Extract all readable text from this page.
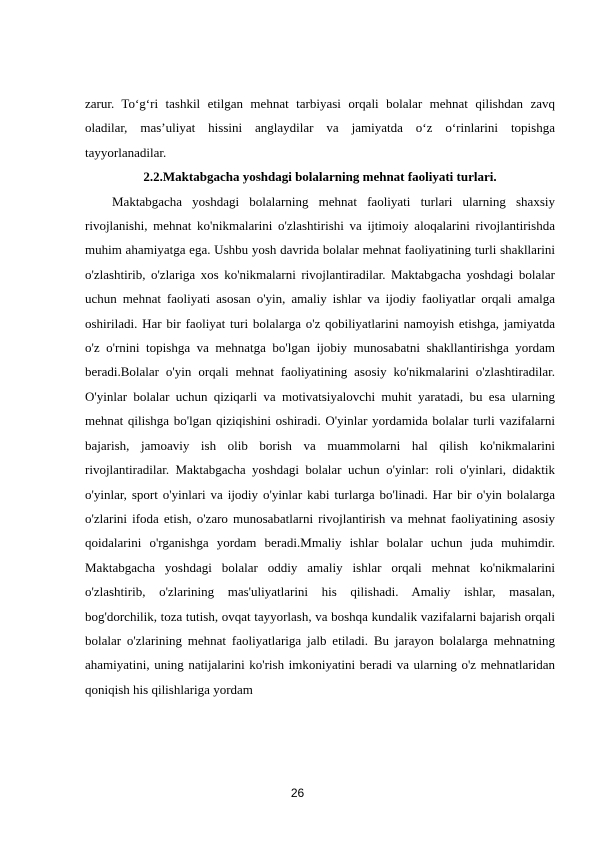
zarur. To‘g‘ri tashkil etilgan mehnat tarbiyasi orqali bolalar mehnat qilishdan zavq oladilar, mas’uliyat hissini anglaydilar va jamiyatda o‘z o‘rinlarini topishga tayyorlanadilar.

2.2.Maktabgacha yoshdagi bolalarning mehnat faoliyati turlari.

Maktabgacha yoshdagi bolalarning mehnat faoliyati turlari ularning shaxsiy rivojlanishi, mehnat ko'nikmalarini o'zlashtirishi va ijtimoiy aloqalarini rivojlantirishda muhim ahamiyatga ega. Ushbu yosh davrida bolalar mehnat faoliyatining turli shakllarini o'zlashtirib, o'zlariga xos ko'nikmalarni rivojlantiradilar. Maktabgacha yoshdagi bolalar uchun mehnat faoliyati asosan o'yin, amaliy ishlar va ijodiy faoliyatlar orqali amalga oshiriladi. Har bir faoliyat turi bolalarga o'z qobiliyatlarini namoyish etishga, jamiyatda o'z o'rnini topishga va mehnatga bo'lgan ijobiy munosabatni shakllantirishga yordam beradi.Bolalar o'yin orqali mehnat faoliyatining asosiy ko'nikmalarini o'zlashtiradilar. O'yinlar bolalar uchun qiziqarli va motivatsiyalovchi muhit yaratadi, bu esa ularning mehnat qilishga bo'lgan qiziqishini oshiradi. O'yinlar yordamida bolalar turli vazifalarni bajarish, jamoaviy ish olib borish va muammolarni hal qilish ko'nikmalarini rivojlantiradilar. Maktabgacha yoshdagi bolalar uchun o'yinlar: roli o'yinlari, didaktik o'yinlar, sport o'yinlari va ijodiy o'yinlar kabi turlarga bo'linadi. Har bir o'yin bolalarga o'zlarini ifoda etish, o'zaro munosabatlarni rivojlantirish va mehnat faoliyatining asosiy qoidalarini o'rganishga yordam beradi.Mmaliy ishlar bolalar uchun juda muhimdir. Maktabgacha yoshdagi bolalar oddiy amaliy ishlar orqali mehnat ko'nikmalarini o'zlashtirib, o'zlarining mas'uliyatlarini his qilishadi. Amaliy ishlar, masalan, bog'dorchilik, toza tutish, ovqat tayyorlash, va boshqa kundalik vazifalarni bajarish orqali bolalar o'zlarining mehnat faoliyatlariga jalb etiladi. Bu jarayon bolalarga mehnatning ahamiyatini, uning natijalarini ko'rish imkoniyatini beradi va ularning o'z mehnatlaridan qoniqish his qilishlariga yordam

26
